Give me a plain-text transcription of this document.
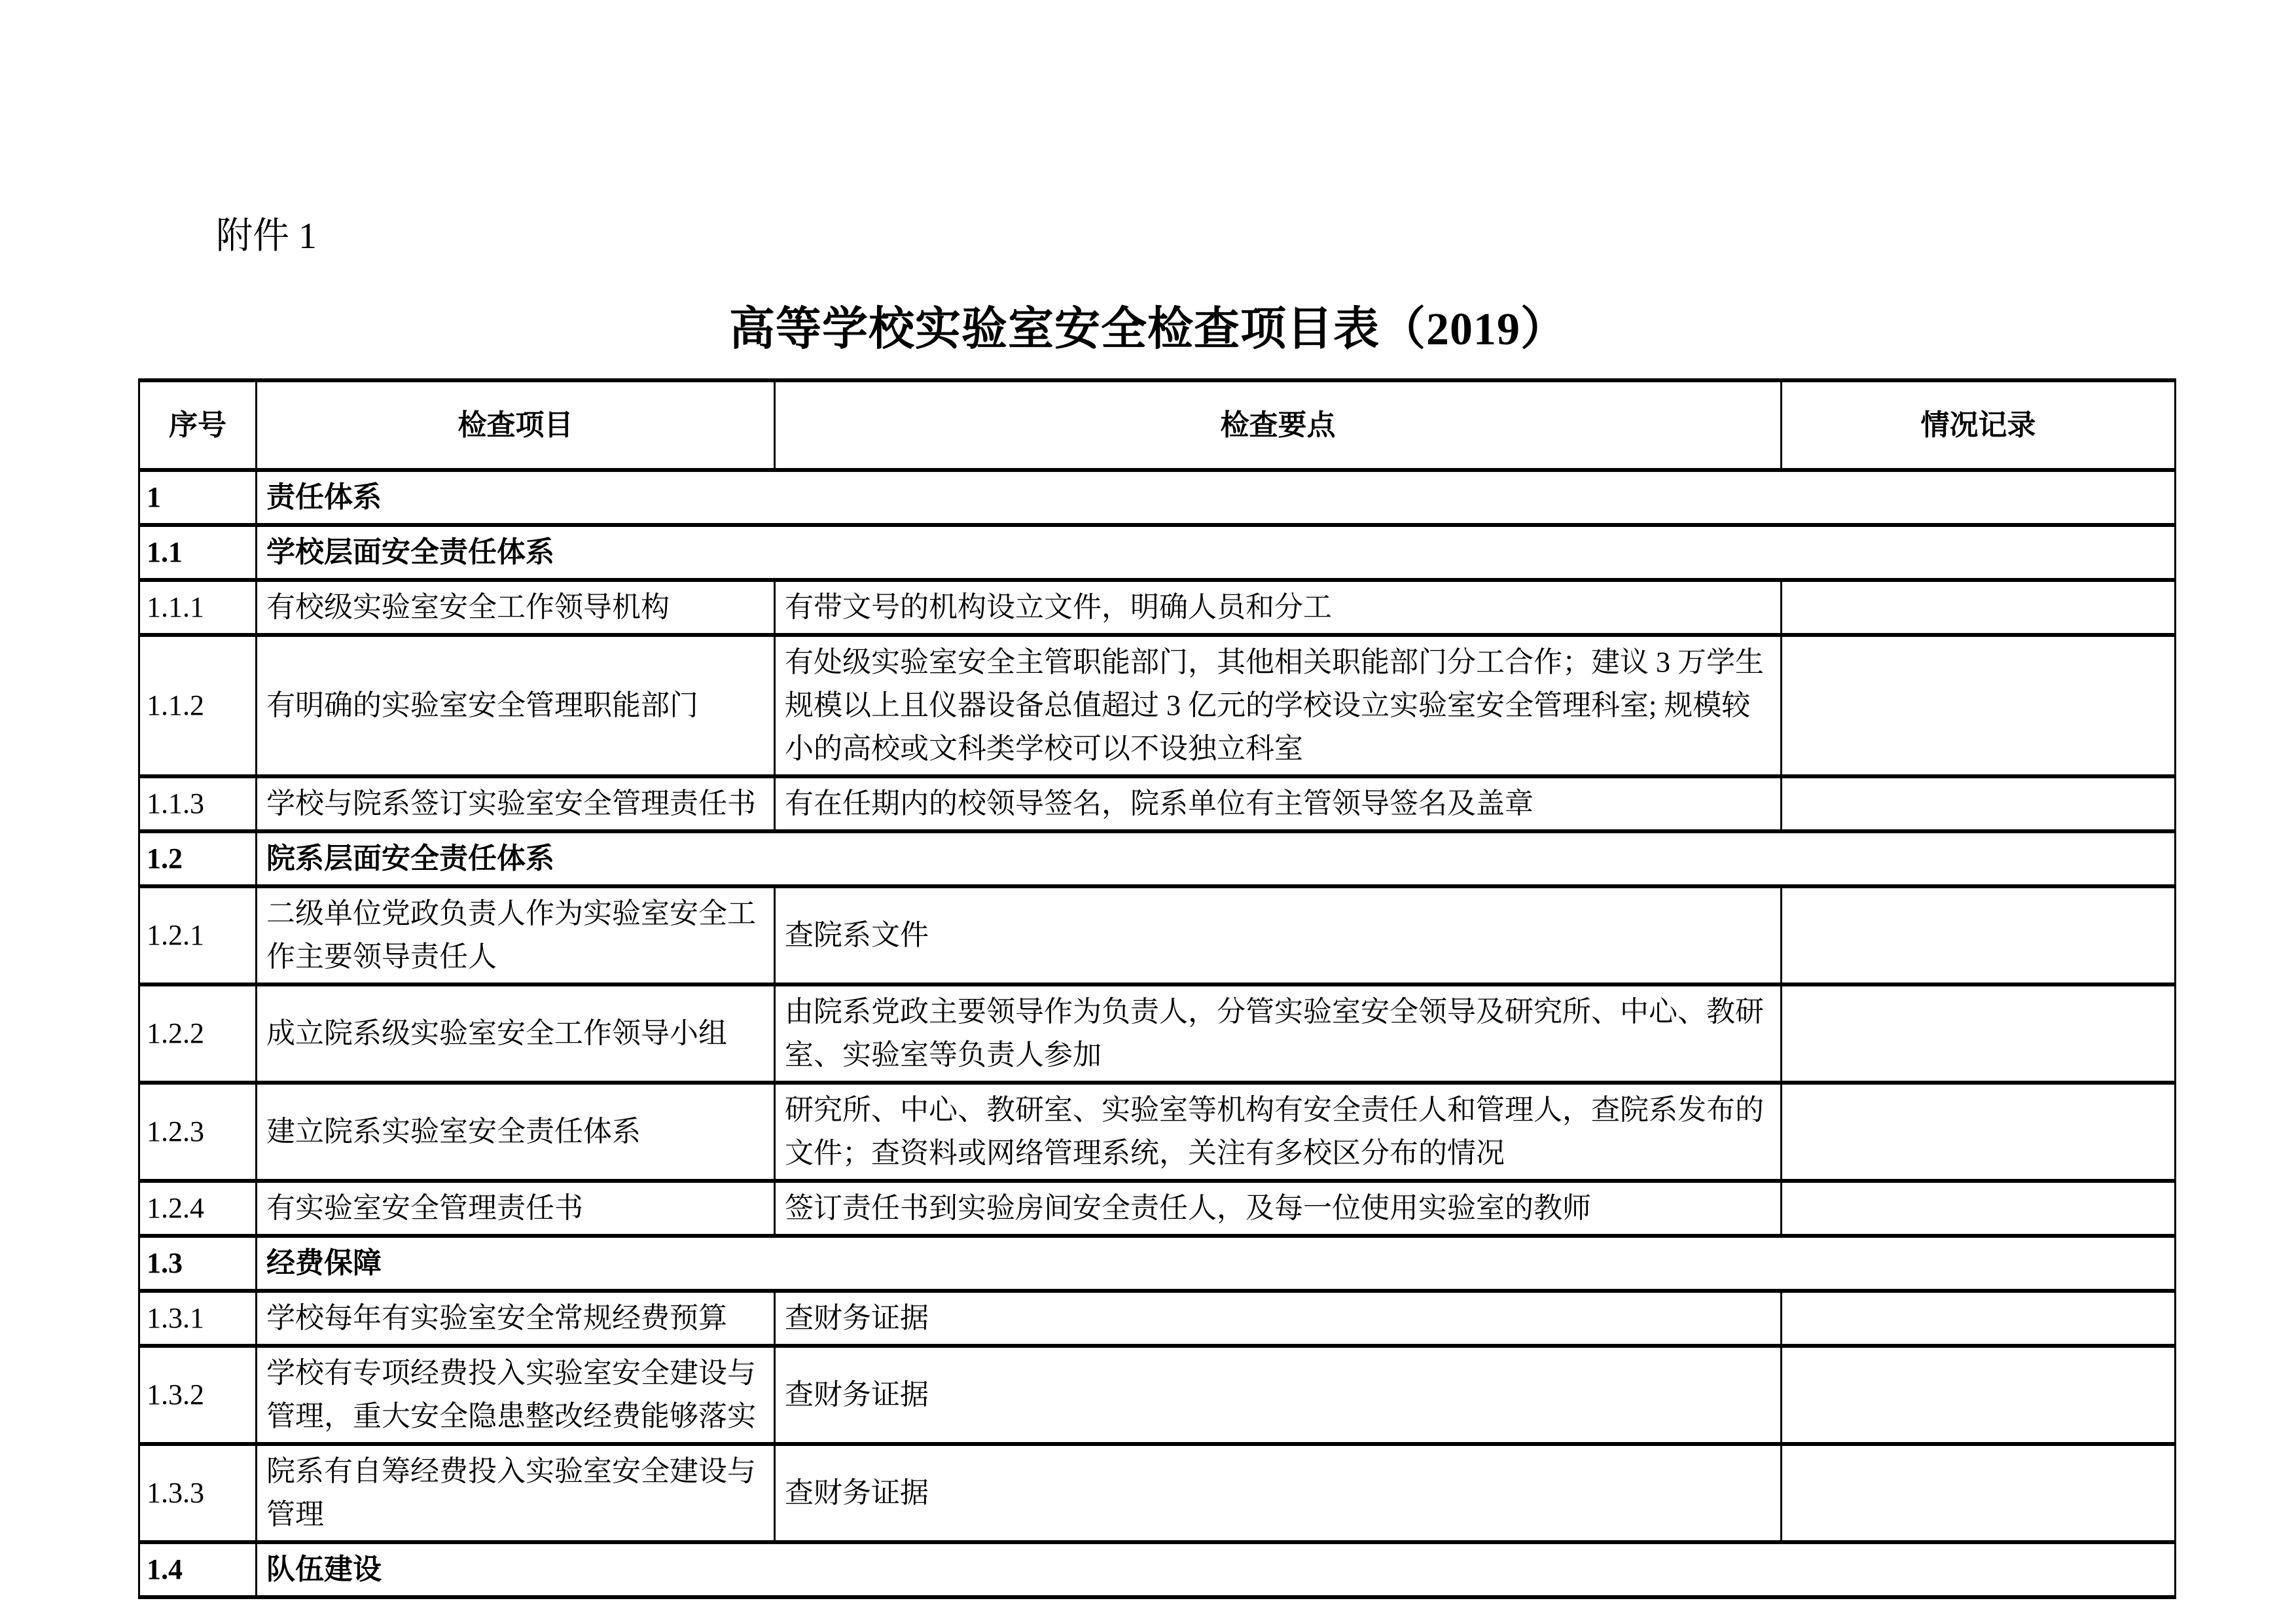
附件 1
高等学校实验室安全检查项目表（2019）
序号	检查项目	检查要点	情况记录
1	责任体系		
1.1	学校层面安全责任体系		
1.1.1	有校级实验室安全工作领导机构	有带文号的机构设立文件，明确人员和分工	
1.1.2	有明确的实验室安全管理职能部门	有处级实验室安全主管职能部门，其他相关职能部门分工合作；建议 3 万学生规模以上且仪器设备总值超过 3 亿元的学校设立实验室安全管理科室; 规模较小的高校或文科类学校可以不设独立科室	
1.1.3	学校与院系签订实验室安全管理责任书	有在任期内的校领导签名，院系单位有主管领导签名及盖章	
1.2	院系层面安全责任体系		
1.2.1	二级单位党政负责人作为实验室安全工作主要领导责任人	查院系文件	
1.2.2	成立院系级实验室安全工作领导小组	由院系党政主要领导作为负责人，分管实验室安全领导及研究所、中心、教研室、实验室等负责人参加	
1.2.3	建立院系实验室安全责任体系	研究所、中心、教研室、实验室等机构有安全责任人和管理人，查院系发布的文件；查资料或网络管理系统，关注有多校区分布的情况	
1.2.4	有实验室安全管理责任书	签订责任书到实验房间安全责任人，及每一位使用实验室的教师	
1.3	经费保障		
1.3.1	学校每年有实验室安全常规经费预算	查财务证据	
1.3.2	学校有专项经费投入实验室安全建设与管理，重大安全隐患整改经费能够落实	查财务证据	
1.3.3	院系有自筹经费投入实验室安全建设与管理	查财务证据	
1.4	队伍建设		
